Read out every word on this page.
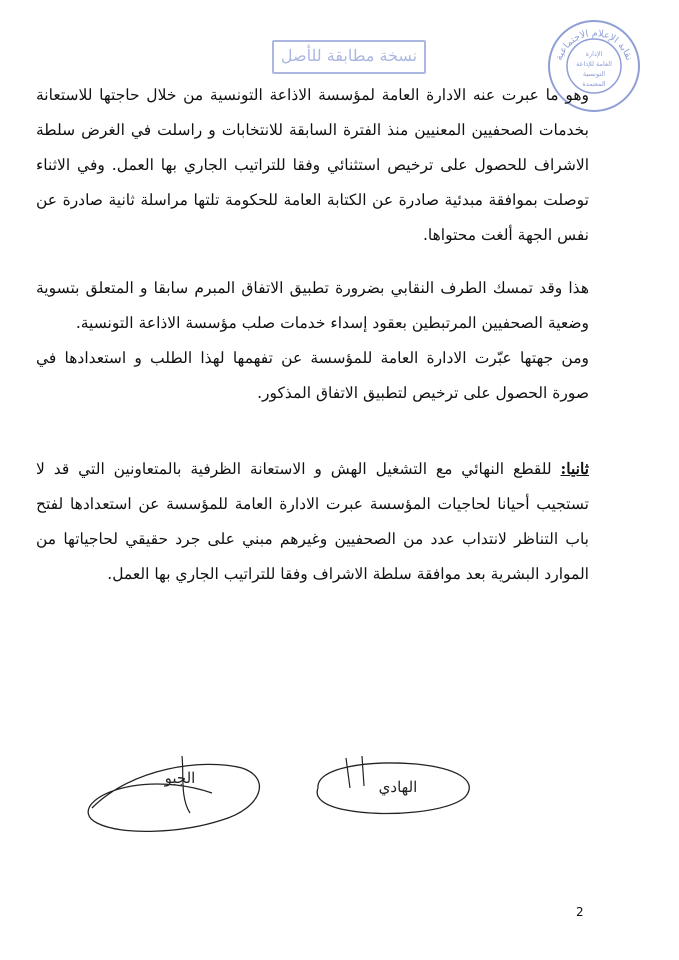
نسخة مطابقة للأصل	نقابة الإعلام الاجتماعية
الإدارة
العامة للإذاعة
التونسية
المعتمدة

وهو ما عبرت عنه الادارة العامة لمؤسسة الاذاعة التونسية من خلال حاجتها للاستعانة بخدمات الصحفيين المعنيين منذ الفترة السابقة للانتخابات و راسلت في الغرض سلطة الاشراف للحصول على ترخيص استثنائي وفقا للتراتيب الجاري بها العمل. وفي الاثناء توصلت بموافقة مبدئية صادرة عن الكتابة العامة للحكومة تلتها مراسلة ثانية صادرة عن نفس الجهة ألغت محتواها.

هذا وقد تمسك الطرف النقابي بضرورة تطبيق الاتفاق المبرم سابقا و المتعلق بتسوية وضعية الصحفيين المرتبطين بعقود إسداء خدمات صلب مؤسسة الاذاعة التونسية.

ومن جهتها عبّرت الادارة العامة للمؤسسة عن تفهمها لهذا الطلب و استعدادها في صورة الحصول على ترخيص لتطبيق الاتفاق المذكور.

ثانيا: للقطع النهائي مع التشغيل الهش و الاستعانة الظرفية بالمتعاونين التي قد لا تستجيب أحيانا لحاجيات المؤسسة عبرت الادارة العامة للمؤسسة عن استعدادها لفتح باب التناظر لانتداب عدد من الصحفيين وغيرهم مبني على جرد حقيقي لحاجياتها من الموارد البشرية بعد موافقة سلطة الاشراف وفقا للتراتيب الجاري بها العمل.

الجبو	الهادي
2
